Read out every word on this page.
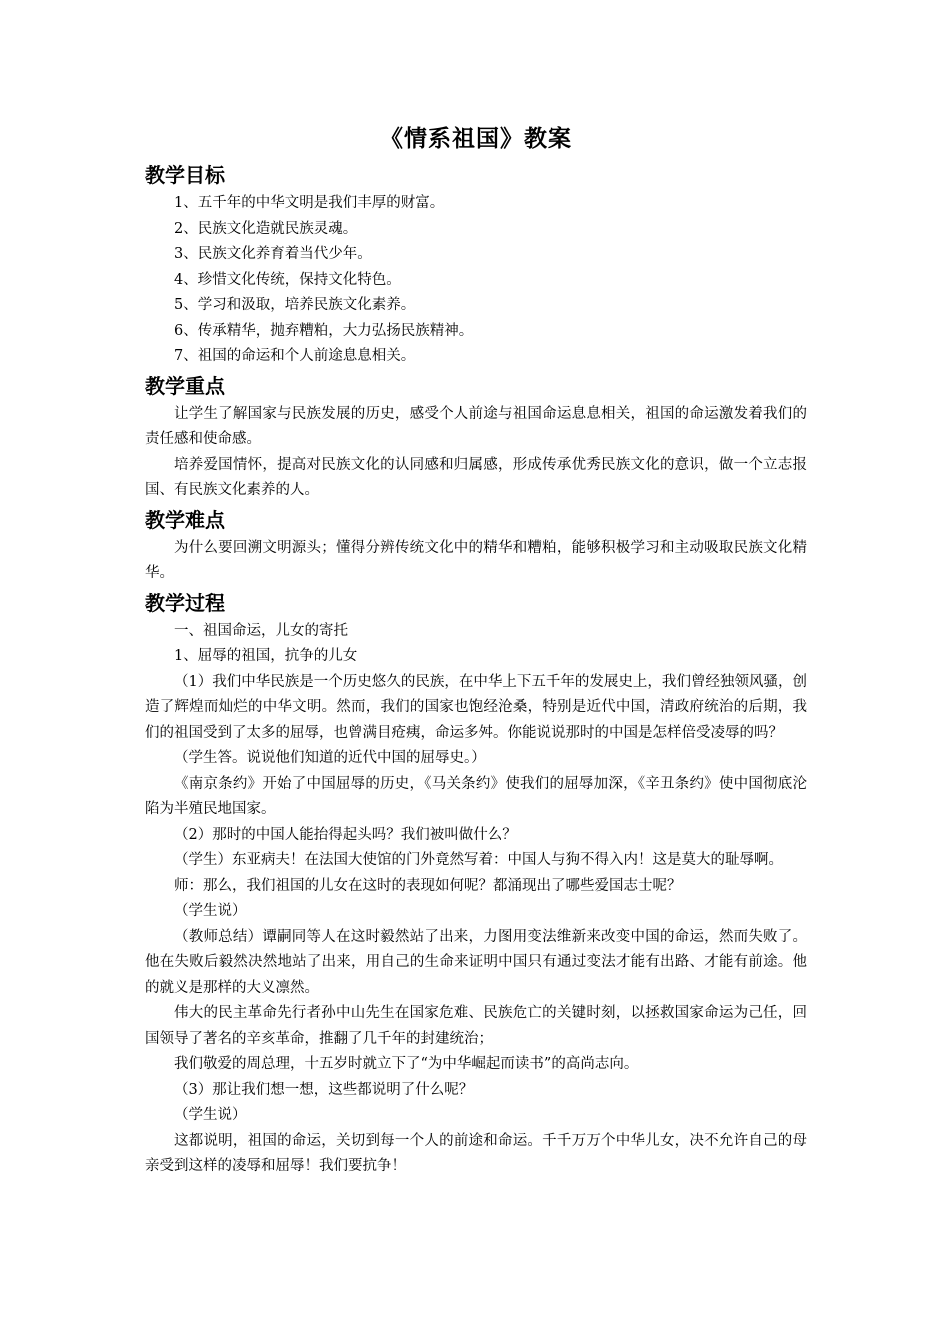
《情系祖国》教案
教学目标

1、五千年的中华文明是我们丰厚的财富。

2、民族文化造就民族灵魂。

3、民族文化养育着当代少年。

4、珍惜文化传统，保持文化特色。

5、学习和汲取，培养民族文化素养。

6、传承精华，抛弃糟粕，大力弘扬民族精神。

7、祖国的命运和个人前途息息相关。

教学重点

让学生了解国家与民族发展的历史，感受个人前途与祖国命运息息相关，祖国的命运激发着我们的责任感和使命感。

培养爱国情怀，提高对民族文化的认同感和归属感，形成传承优秀民族文化的意识，做一个立志报国、有民族文化素养的人。

教学难点

为什么要回溯文明源头；懂得分辨传统文化中的精华和糟粕，能够积极学习和主动吸取民族文化精华。

教学过程

一、祖国命运，儿女的寄托

1、屈辱的祖国，抗争的儿女

（1）我们中华民族是一个历史悠久的民族，在中华上下五千年的发展史上，我们曾经独领风骚，创造了辉煌而灿烂的中华文明。然而，我们的国家也饱经沧桑，特别是近代中国，清政府统治的后期，我们的祖国受到了太多的屈辱，也曾满目疮痍，命运多舛。你能说说那时的中国是怎样倍受凌辱的吗？

（学生答。说说他们知道的近代中国的屈辱史。）

《南京条约》开始了中国屈辱的历史，《马关条约》使我们的屈辱加深，《辛丑条约》使中国彻底沦陷为半殖民地国家。

（2）那时的中国人能抬得起头吗？我们被叫做什么？

（学生）东亚病夫！在法国大使馆的门外竟然写着：中国人与狗不得入内！这是莫大的耻辱啊。

师：那么，我们祖国的儿女在这时的表现如何呢？都涌现出了哪些爱国志士呢？

（学生说）

（教师总结）谭嗣同等人在这时毅然站了出来，力图用变法维新来改变中国的命运，然而失败了。他在失败后毅然决然地站了出来，用自己的生命来证明中国只有通过变法才能有出路、才能有前途。他的就义是那样的大义凛然。

伟大的民主革命先行者孙中山先生在国家危难、民族危亡的关键时刻，以拯救国家命运为己任，回国领导了著名的辛亥革命，推翻了几千年的封建统治；

我们敬爱的周总理，十五岁时就立下了“为中华崛起而读书”的高尚志向。

（3）那让我们想一想，这些都说明了什么呢？

（学生说）

这都说明，祖国的命运，关切到每一个人的前途和命运。千千万万个中华儿女，决不允许自己的母亲受到这样的凌辱和屈辱！我们要抗争！
